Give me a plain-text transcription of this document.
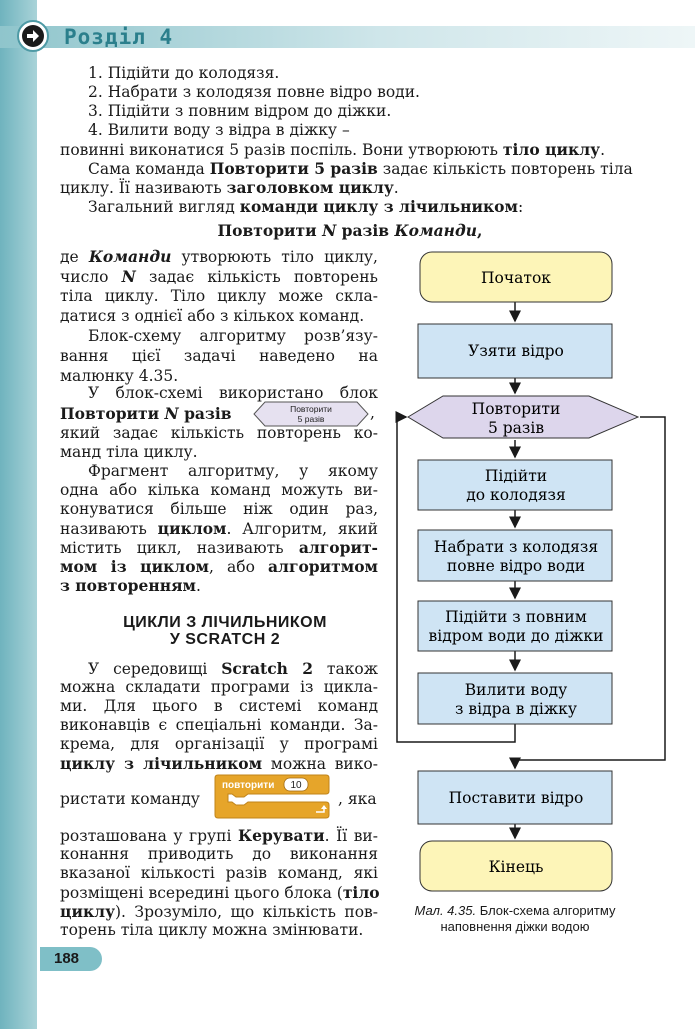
Розділ 4
1. Підійти до колодязя.
2. Набрати з колодязя повне відро води.
3. Підійти з повним відром до діжки.
4. Вилити воду з відра в діжку –
повинні виконатися 5 разів поспіль. Вони утворюють тіло циклу.
Сама команда Повторити 5 разів задає кількість повторень тіла
циклу. Її називають заголовком циклу.
Загальний вигляд команди циклу з лічильником:
Повторити N разів Команди,
де Команди утворюють тіло циклу,
число N задає кількість повторень
тіла циклу. Тіло циклу може скла-
датися з однієї або з кількох команд.
Блок-схему алгоритму розв’язу-
вання цієї задачі наведено на
малюнку 4.35.
У блок-схемі використано блок
Повторити N разів	Повторити
5 разів	,
який задає кількість повторень ко-
манд тіла циклу.
Фрагмент алгоритму, у якому
одна або кілька команд можуть ви-
конуватися більше ніж один раз,
називають циклом. Алгоритм, який
містить цикл, називають алгорит-
мом із циклом, або алгоритмом
з повторенням.
ЦИКЛИ З ЛІЧИЛЬНИКОМ
У SCRATCH 2
У середовищі Scratch 2 також
можна складати програми із цикла-
ми. Для цього в системі команд
виконавців є спеціальні команди. За-
крема, для організації у програмі
циклу з лічильником можна вико-
ристати команду	, яка
повторити 10
розташована у групі Керувати. Її ви-
конання приводить до виконання
вказаної кількості разів команд, які
розміщені всередині цього блока (тіло
циклу). Зрозуміло, що кількість пов-
торень тіла циклу можна змінювати.
Початок
Узяти відро
Повторити
5 разів
Підійти
до колодязя
Набрати з колодязя
повне відро води
Підійти з повним
відром води до діжки
Вилити воду
з відра в діжку
Поставити відро
Кінець
Мал. 4.35. Блок-схема алгоритму наповнення діжки водою
188
